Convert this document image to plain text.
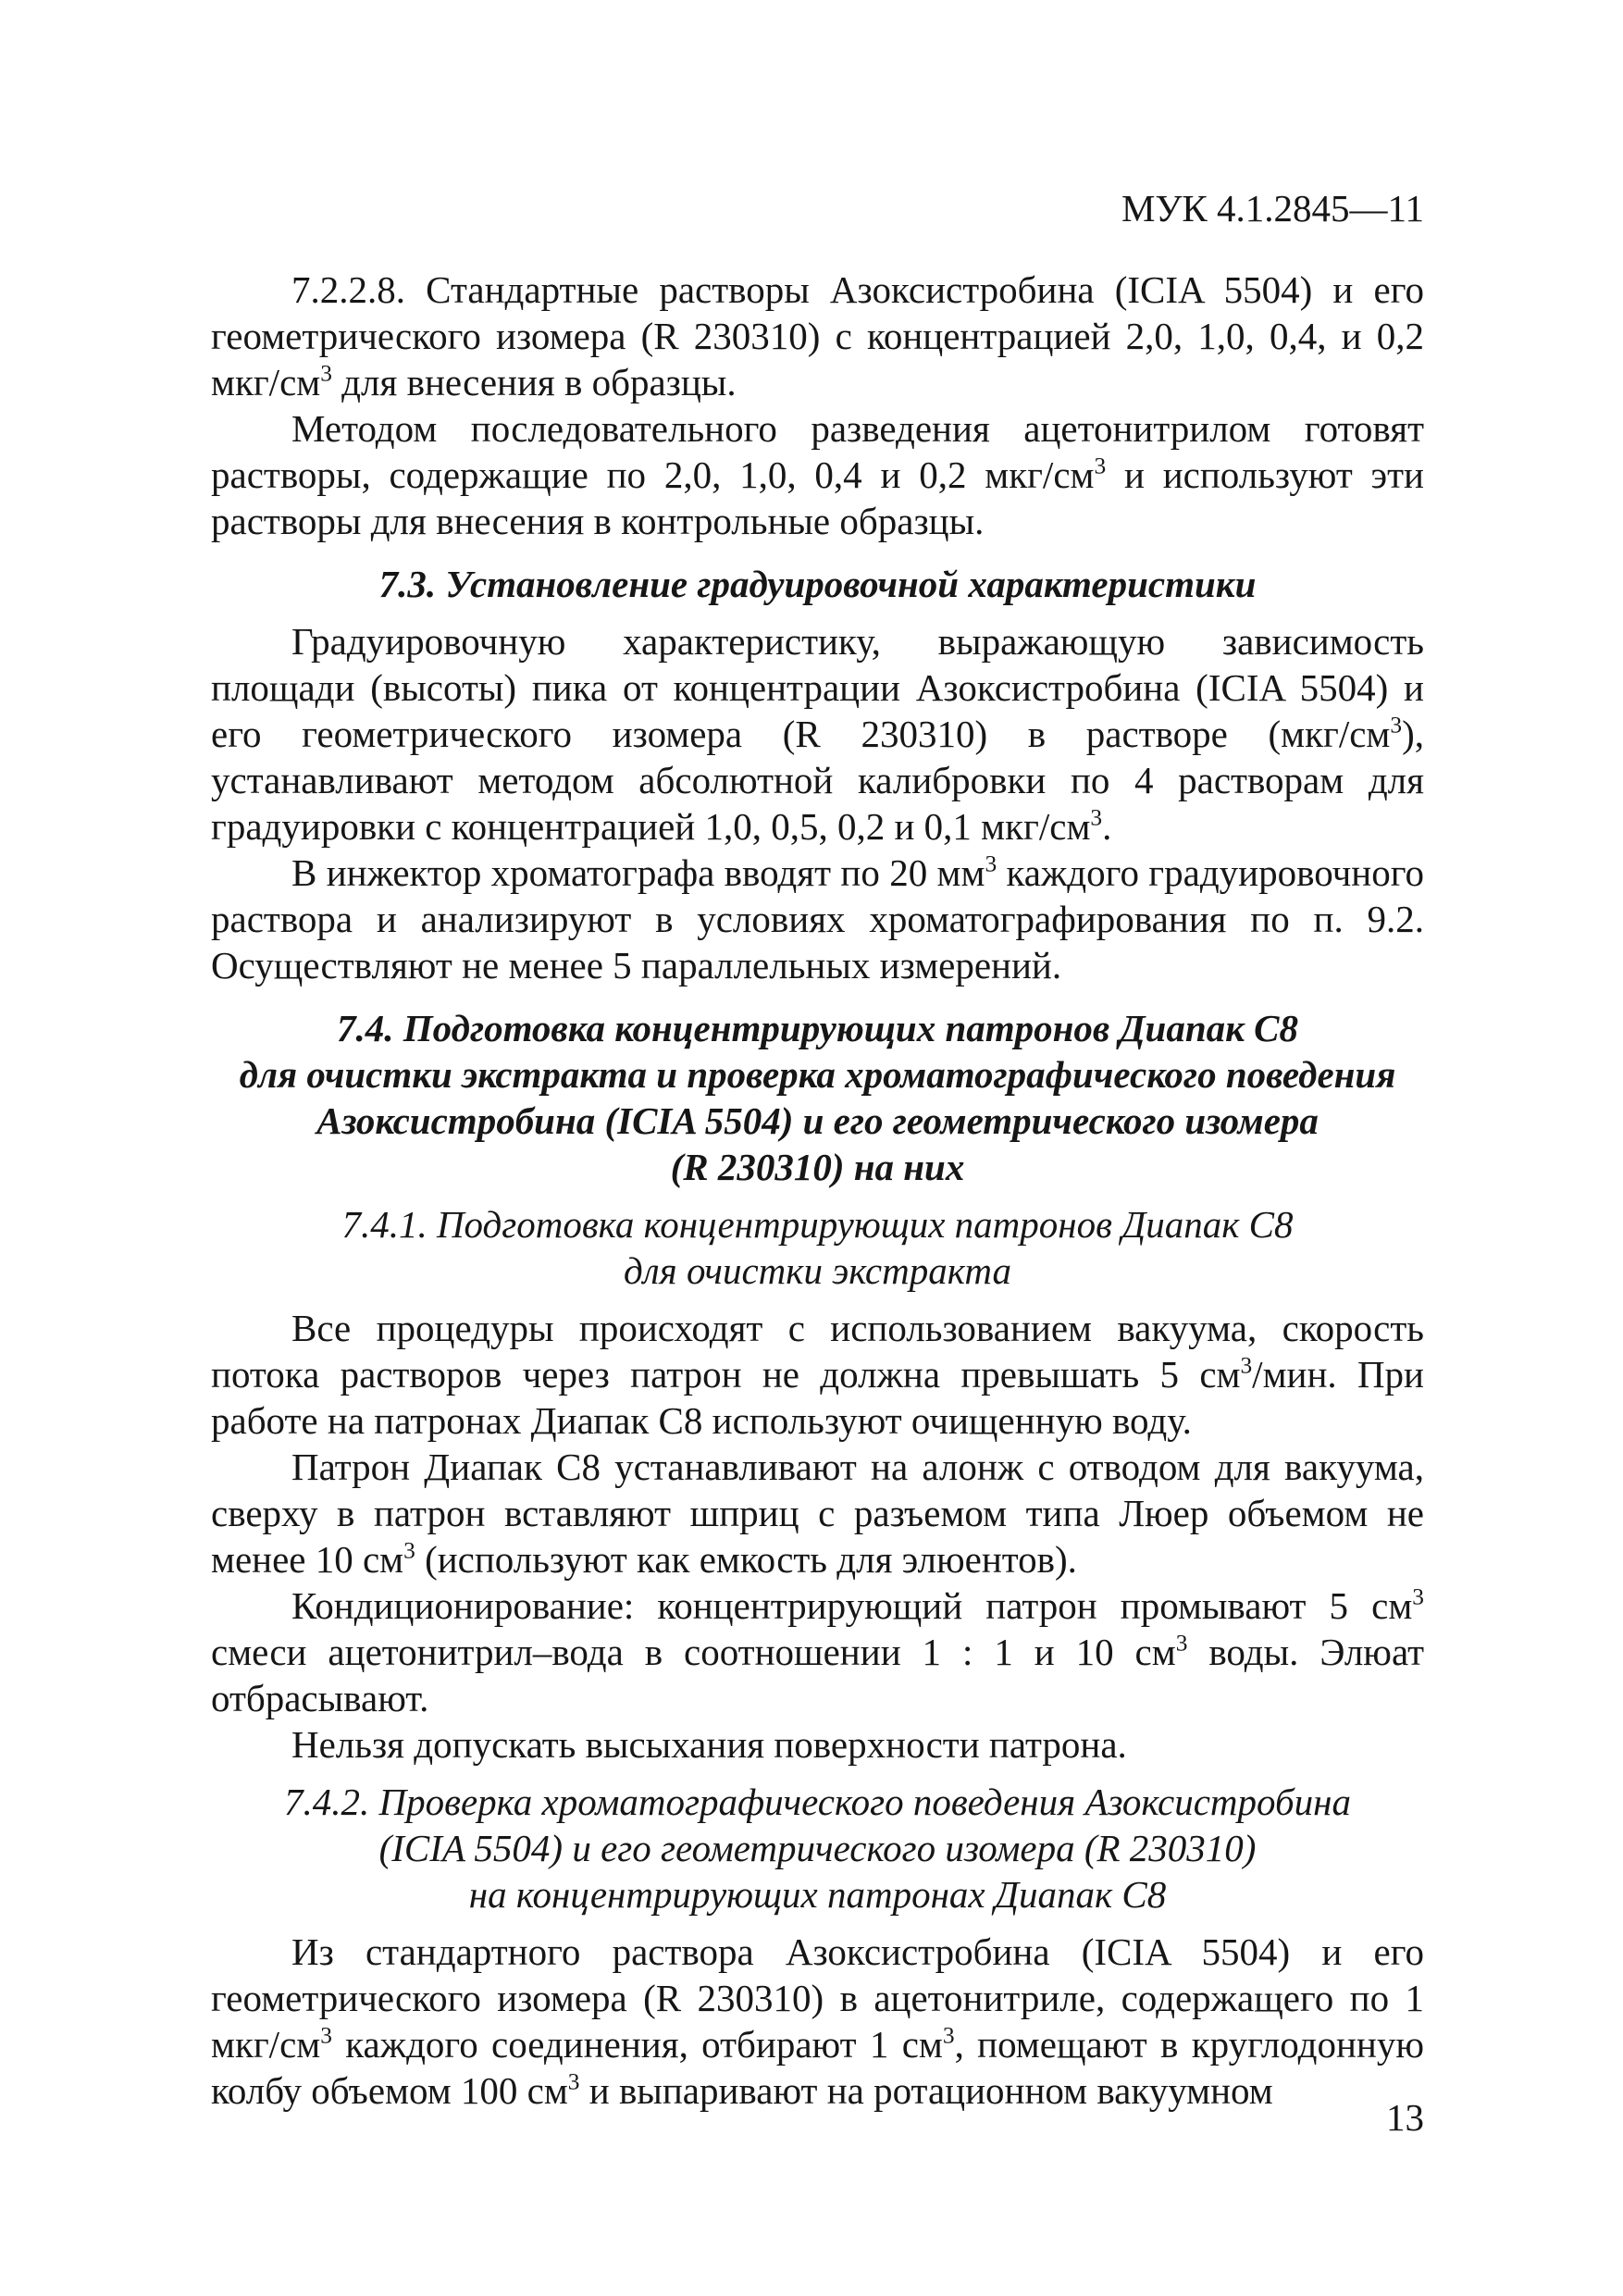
МУК 4.1.2845—11

7.2.2.8. Стандартные растворы Азоксистробина (ICIA 5504) и его геометрического изомера (R 230310) с концентрацией 2,0, 1,0, 0,4, и 0,2 мкг/$см^3$ для внесения в образцы.

Методом последовательного разведения ацетонитрилом готовят растворы, содержащие по 2,0, 1,0, 0,4 и 0,2 мкг/$см^3$ и используют эти растворы для внесения в контрольные образцы.

7.3. Установление градуировочной характеристики

Градуировочную характеристику, выражающую зависимость площади (высоты) пика от концентрации Азоксистробина (ICIA 5504) и его геометрического изомера (R 230310) в растворе $(мкг/см^3)$, устанавливают методом абсолютной калибровки по 4 растворам для градуировки с концентрацией 1,0, 0,5, 0,2 и 0,1 мкг/$см^3$.

В инжектор хроматографа вводят по 20 $мм^3$ каждого градуировочного раствора и анализируют в условиях хроматографирования по п. 9.2. Осуществляют не менее 5 параллельных измерений.

7.4. Подготовка концентрирующих патронов Диапак С8
для очистки экстракта и проверка хроматографического поведения
Азоксистробина (ICIA 5504) и его геометрического изомера
(R 230310) на них
7.4.1. Подготовка концентрирующих патронов Диапак С8
для очистки экстракта

Все процедуры происходят с использованием вакуума, скорость потока растворов через патрон не должна превышать 5 $см^3$/мин. При работе на патронах Диапак С8 используют очищенную воду.

Патрон Диапак С8 устанавливают на алонж с отводом для вакуума, сверху в патрон вставляют шприц с разъемом типа Люер объемом не менее 10 $см^3$ (используют как емкость для элюентов).

Кондиционирование: концентрирующий патрон промывают 5 $см^3$ смеси ацетонитрил–вода в соотношении 1 : 1 и 10 $см^3$ воды. Элюат отбрасывают.

Нельзя допускать высыхания поверхности патрона.

7.4.2. Проверка хроматографического поведения Азоксистробина
(ICIA 5504) и его геометрического изомера (R 230310)
на концентрирующих патронах Диапак С8

Из стандартного раствора Азоксистробина (ICIA 5504) и его геометрического изомера (R 230310) в ацетонитриле, содержащего по 1 мкг/$см^3$ каждого соединения, отбирают 1 $см^3$, помещают в круглодонную колбу объемом 100 $см^3$ и выпаривают на ротационном вакуумном

13
